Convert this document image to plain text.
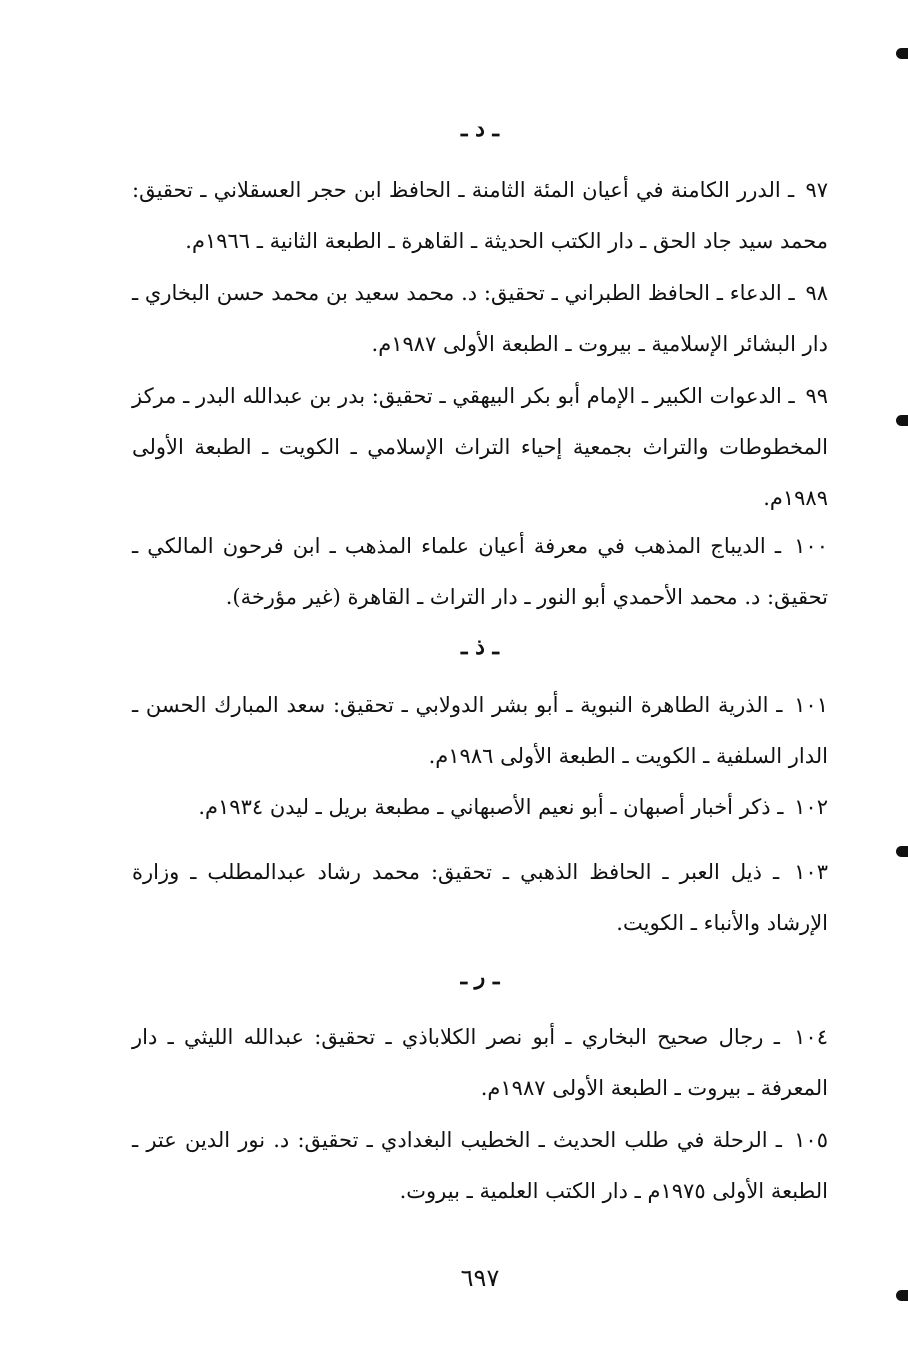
ـ د ـ
٩٧ ـ الدرر الكامنة في أعيان المئة الثامنة ـ الحافظ ابن حجر العسقلاني ـ تحقيق: محمد سيد جاد الحق ـ دار الكتب الحديثة ـ القاهرة ـ الطبعة الثانية ـ ١٩٦٦م.
٩٨ ـ الدعاء ـ الحافظ الطبراني ـ تحقيق: د. محمد سعيد بن محمد حسن البخاري ـ دار البشائر الإسلامية ـ بيروت ـ الطبعة الأولى ١٩٨٧م.
٩٩ ـ الدعوات الكبير ـ الإمام أبو بكر البيهقي ـ تحقيق: بدر بن عبدالله البدر ـ مركز المخطوطات والتراث بجمعية إحياء التراث الإسلامي ـ الكويت ـ الطبعة الأولى ١٩٨٩م.
١٠٠ ـ الديباج المذهب في معرفة أعيان علماء المذهب ـ ابن فرحون المالكي ـ تحقيق: د. محمد الأحمدي أبو النور ـ دار التراث ـ القاهرة (غير مؤرخة).
ـ ذ ـ
١٠١ ـ الذرية الطاهرة النبوية ـ أبو بشر الدولابي ـ تحقيق: سعد المبارك الحسن ـ الدار السلفية ـ الكويت ـ الطبعة الأولى ١٩٨٦م.
١٠٢ ـ ذكر أخبار أصبهان ـ أبو نعيم الأصبهاني ـ مطبعة بريل ـ ليدن ١٩٣٤م.
١٠٣ ـ ذيل العبر ـ الحافظ الذهبي ـ تحقيق: محمد رشاد عبدالمطلب ـ وزارة الإرشاد والأنباء ـ الكويت.
ـ ر ـ
١٠٤ ـ رجال صحيح البخاري ـ أبو نصر الكلاباذي ـ تحقيق: عبدالله الليثي ـ دار المعرفة ـ بيروت ـ الطبعة الأولى ١٩٨٧م.
١٠٥ ـ الرحلة في طلب الحديث ـ الخطيب البغدادي ـ تحقيق: د. نور الدين عتر ـ الطبعة الأولى ١٩٧٥م ـ دار الكتب العلمية ـ بيروت.
٦٩٧
